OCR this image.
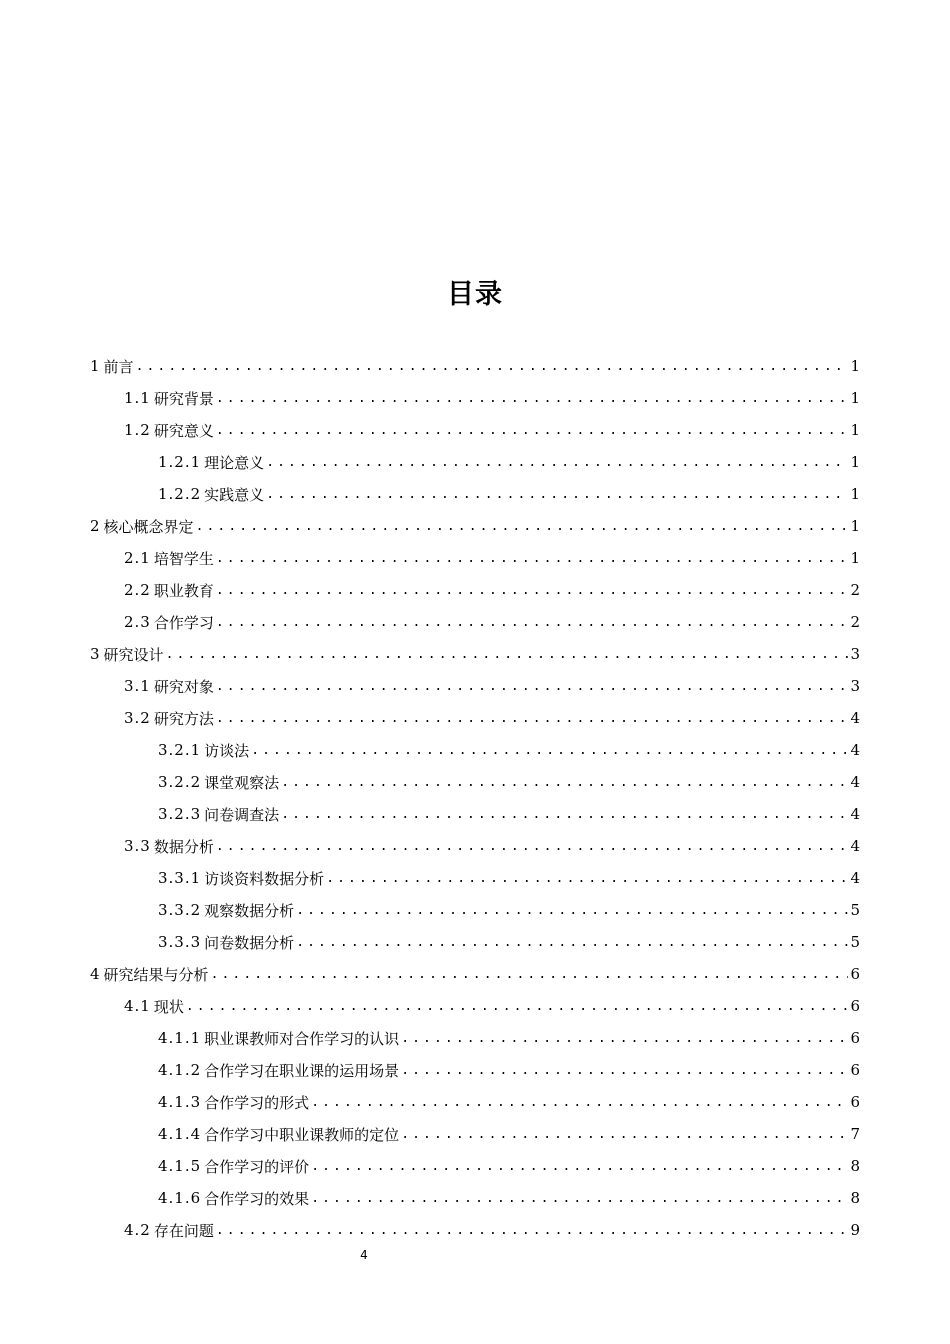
目录
1 前言 .....	1
1.1 研究背景 .....	1
1.2 研究意义 .....	1
1.2.1 理论意义 .....	1
1.2.2 实践意义 .....	1
2 核心概念界定 .....	1
2.1 培智学生 .....	1
2.2 职业教育 .....	2
2.3 合作学习 .....	2
3 研究设计 .....	3
3.1 研究对象 .....	3
3.2 研究方法 .....	4
3.2.1 访谈法 .....	4
3.2.2 课堂观察法 .....	4
3.2.3 问卷调查法 .....	4
3.3 数据分析 .....	4
3.3.1 访谈资料数据分析 .....	4
3.3.2 观察数据分析 .....	5
3.3.3 问卷数据分析 .....	5
4 研究结果与分析 .....	6
4.1 现状 .....	6
4.1.1 职业课教师对合作学习的认识 .....	6
4.1.2 合作学习在职业课的运用场景 .....	6
4.1.3 合作学习的形式 .....	6
4.1.4 合作学习中职业课教师的定位 .....	7
4.1.5 合作学习的评价 .....	8
4.1.6 合作学习的效果 .....	8
4.2 存在问题 .....	9
4
